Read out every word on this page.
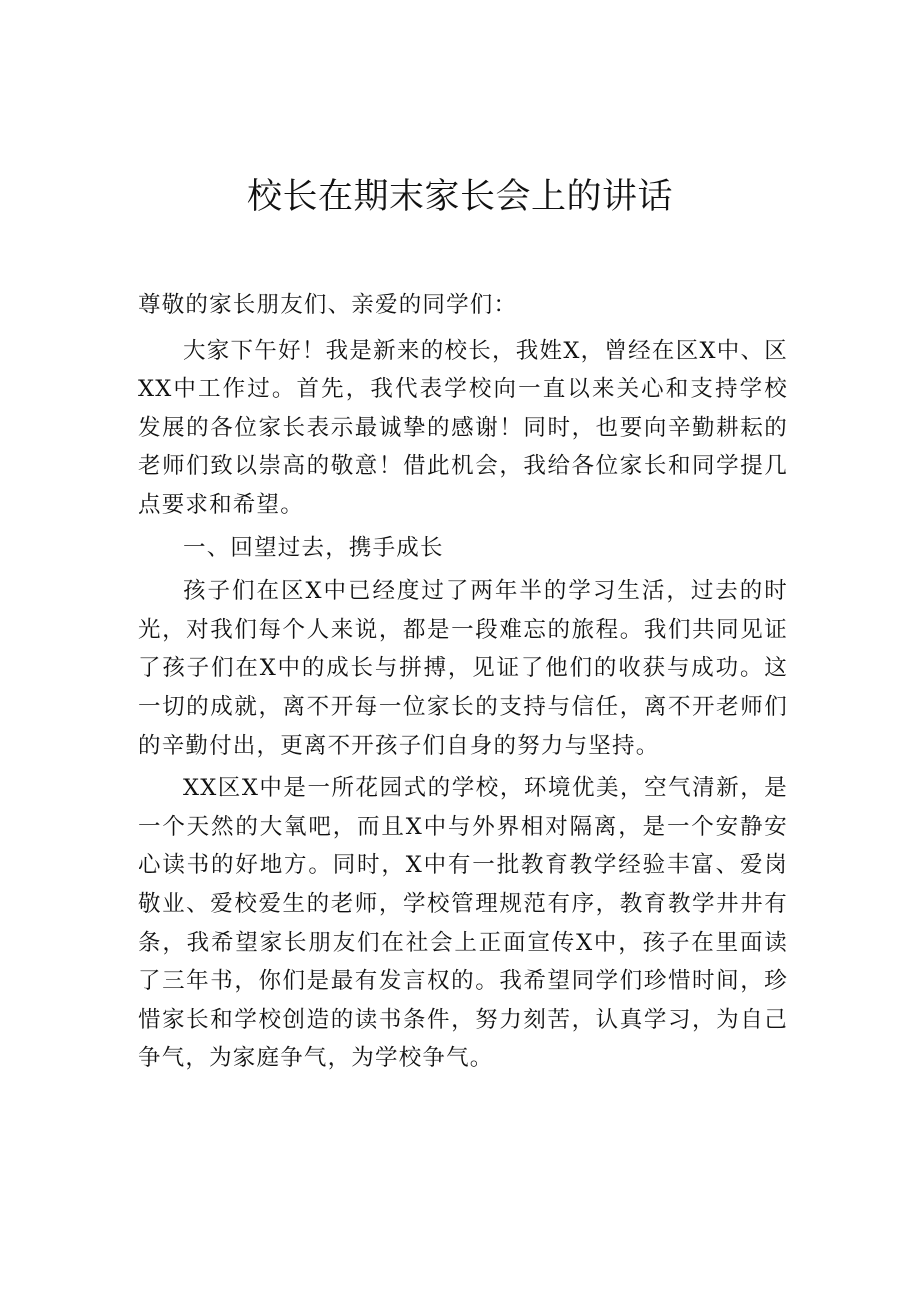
校长在期末家长会上的讲话

尊敬的家长朋友们、亲爱的同学们：

大家下午好！我是新来的校长，我姓X，曾经在区X中、区XX中工作过。首先，我代表学校向一直以来关心和支持学校发展的各位家长表示最诚挚的感谢！同时，也要向辛勤耕耘的老师们致以崇高的敬意！借此机会，我给各位家长和同学提几点要求和希望。

一、回望过去，携手成长

孩子们在区X中已经度过了两年半的学习生活，过去的时光，对我们每个人来说，都是一段难忘的旅程。我们共同见证了孩子们在X中的成长与拼搏，见证了他们的收获与成功。这一切的成就，离不开每一位家长的支持与信任，离不开老师们的辛勤付出，更离不开孩子们自身的努力与坚持。

XX区X中是一所花园式的学校，环境优美，空气清新，是一个天然的大氧吧，而且X中与外界相对隔离，是一个安静安心读书的好地方。同时，X中有一批教育教学经验丰富、爱岗敬业、爱校爱生的老师，学校管理规范有序，教育教学井井有条，我希望家长朋友们在社会上正面宣传X中，孩子在里面读了三年书，你们是最有发言权的。我希望同学们珍惜时间，珍惜家长和学校创造的读书条件，努力刻苦，认真学习，为自己争气，为家庭争气，为学校争气。
